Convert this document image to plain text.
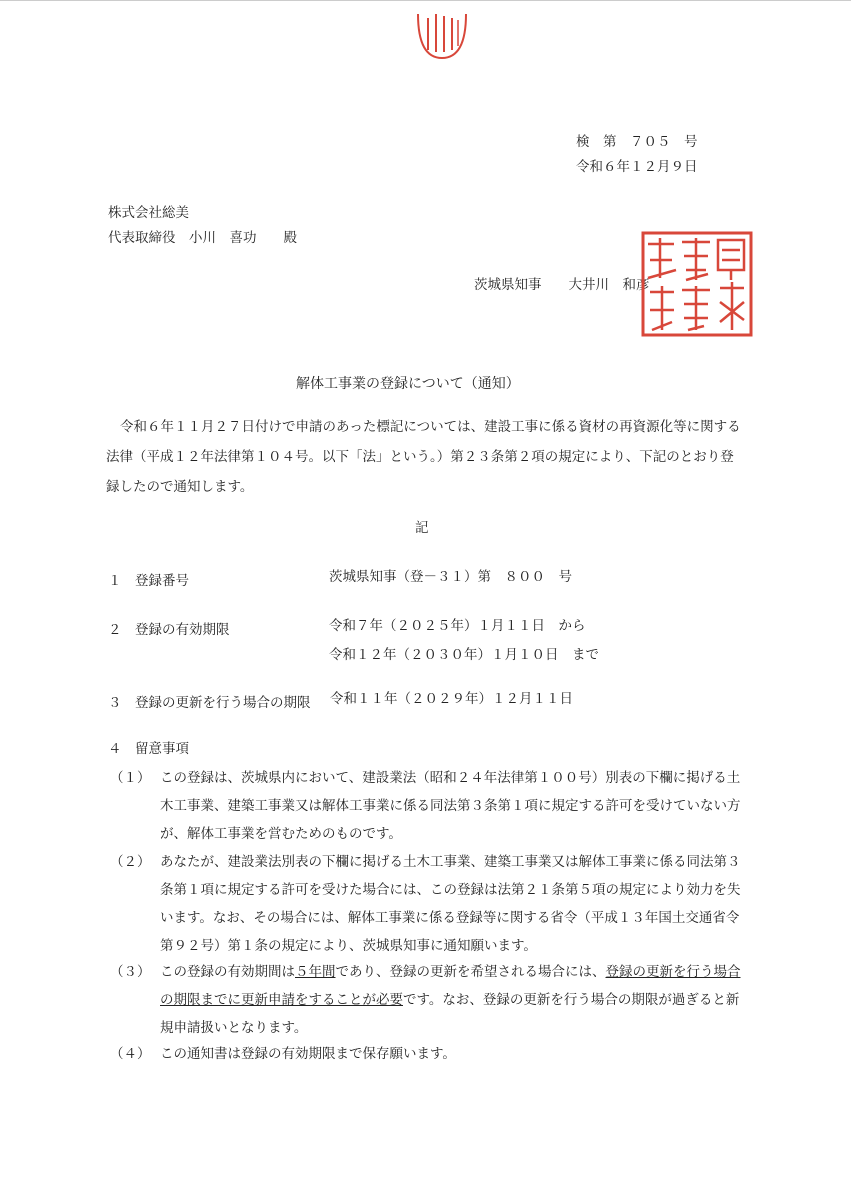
検　第　７０５　号
令和６年１２月９日
株式会社総美
代表取締役　小川　喜功　　殿
茨城県知事　　大井川　和彦
解体工事業の登録について（通知）
令和６年１１月２７日付けで申請のあった標記については、建設工事に係る資材の再資源化等に関する法律（平成１２年法律第１０４号。以下「法」という。）第２３条第２項の規定により、下記のとおり登録したので通知します。
記
１　登録番号	茨城県知事（登－３１）第　８００　号
２　登録の有効期限	令和７年（２０２５年）１月１１日　から
令和１２年（２０３０年）１月１０日　まで
３　登録の更新を行う場合の期限 令和１１年（２０２９年）１２月１１日
４　留意事項
（１） この登録は、茨城県内において、建設業法（昭和２４年法律第１００号）別表の下欄に掲げる土木工事業、建築工事業又は解体工事業に係る同法第３条第１項に規定する許可を受けていない方が、解体工事業を営むためのものです。
（２） あなたが、建設業法別表の下欄に掲げる土木工事業、建築工事業又は解体工事業に係る同法第３条第１項に規定する許可を受けた場合には、この登録は法第２１条第５項の規定により効力を失います。なお、その場合には、解体工事業に係る登録等に関する省令（平成１３年国土交通省令第９２号）第１条の規定により、茨城県知事に通知願います。
（３） この登録の有効期間は５年間であり、登録の更新を希望される場合には、登録の更新を行う場合の期限までに更新申請をすることが必要です。なお、登録の更新を行う場合の期限が過ぎると新規申請扱いとなります。
（４） この通知書は登録の有効期限まで保存願います。
